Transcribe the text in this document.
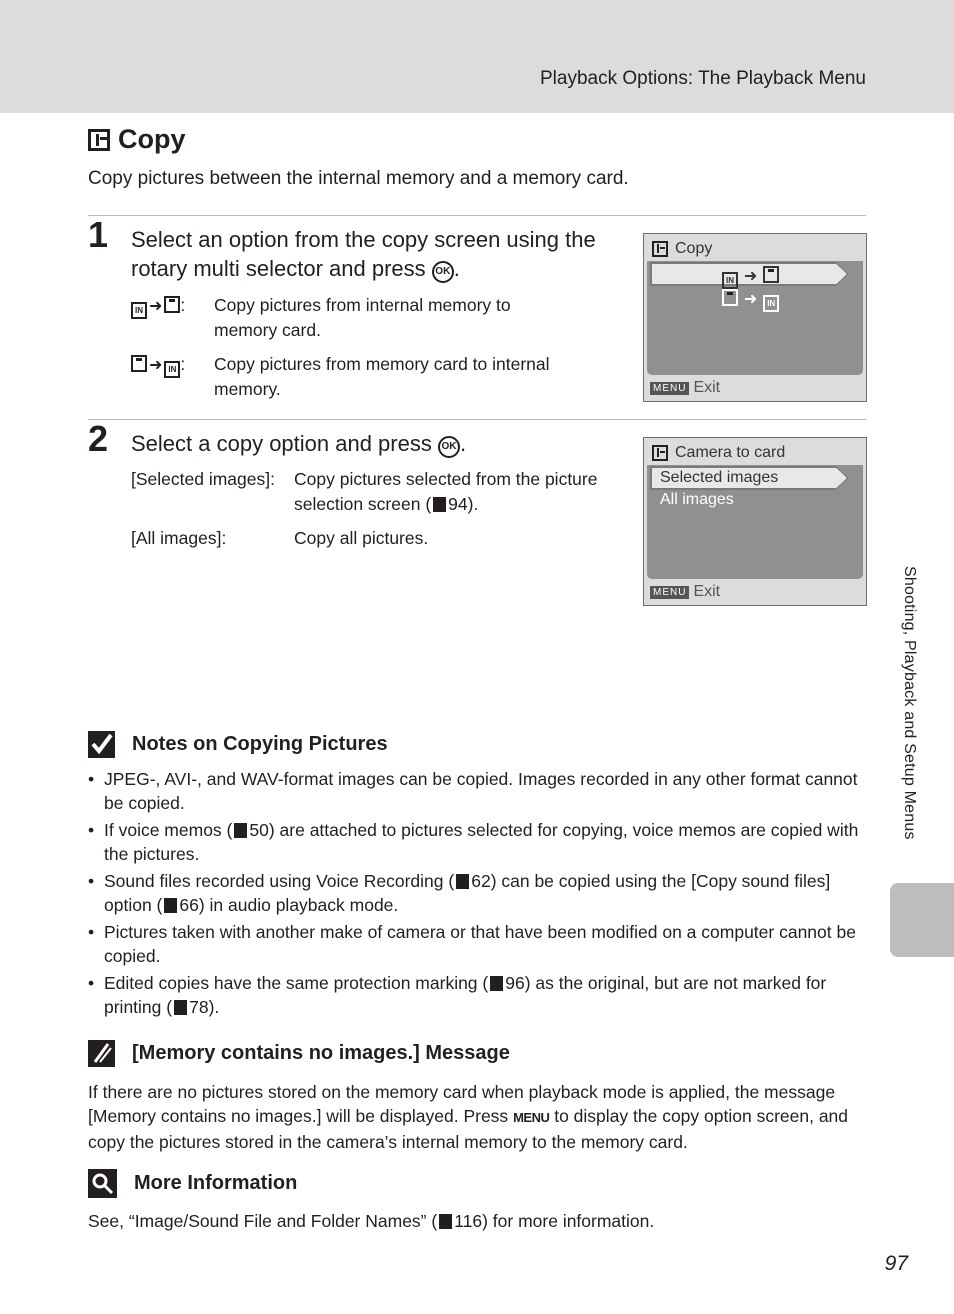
Playback Options: The Playback Menu
Copy
Copy pictures between the internal memory and a memory card.
1 Select an option from the copy screen using the rotary multi selector and press OK .
IN ➜ : Copy pictures from internal memory to memory card.
➜ IN : Copy pictures from memory card to internal memory.
Copy
IN ➜
➜ IN
MENU Exit
2 Select a copy option and press OK .
[Selected images]: Copy pictures selected from the picture selection screen ( 94).
[All images]:	Copy all pictures.
Camera to card
Selected images
All images
MENU Exit
Notes on Copying Pictures
• JPEG-, AVI-, and WAV-format images can be copied. Images recorded in any other format cannot be copied.
• If voice memos ( 50) are attached to pictures selected for copying, voice memos are copied with the pictures.
• Sound files recorded using Voice Recording ( 62) can be copied using the [Copy sound files] option ( 66) in audio playback mode.
• Pictures taken with another make of camera or that have been modified on a computer cannot be copied.
• Edited copies have the same protection marking ( 96) as the original, but are not marked for printing ( 78).
[Memory contains no images.] Message
If there are no pictures stored on the memory card when playback mode is applied, the message [Memory contains no images.] will be displayed. Press MENU to display the copy option screen, and copy the pictures stored in the camera’s internal memory to the memory card.
More Information
See, “Image/Sound File and Folder Names” ( 116) for more information.
Shooting, Playback and Setup Menus
97
